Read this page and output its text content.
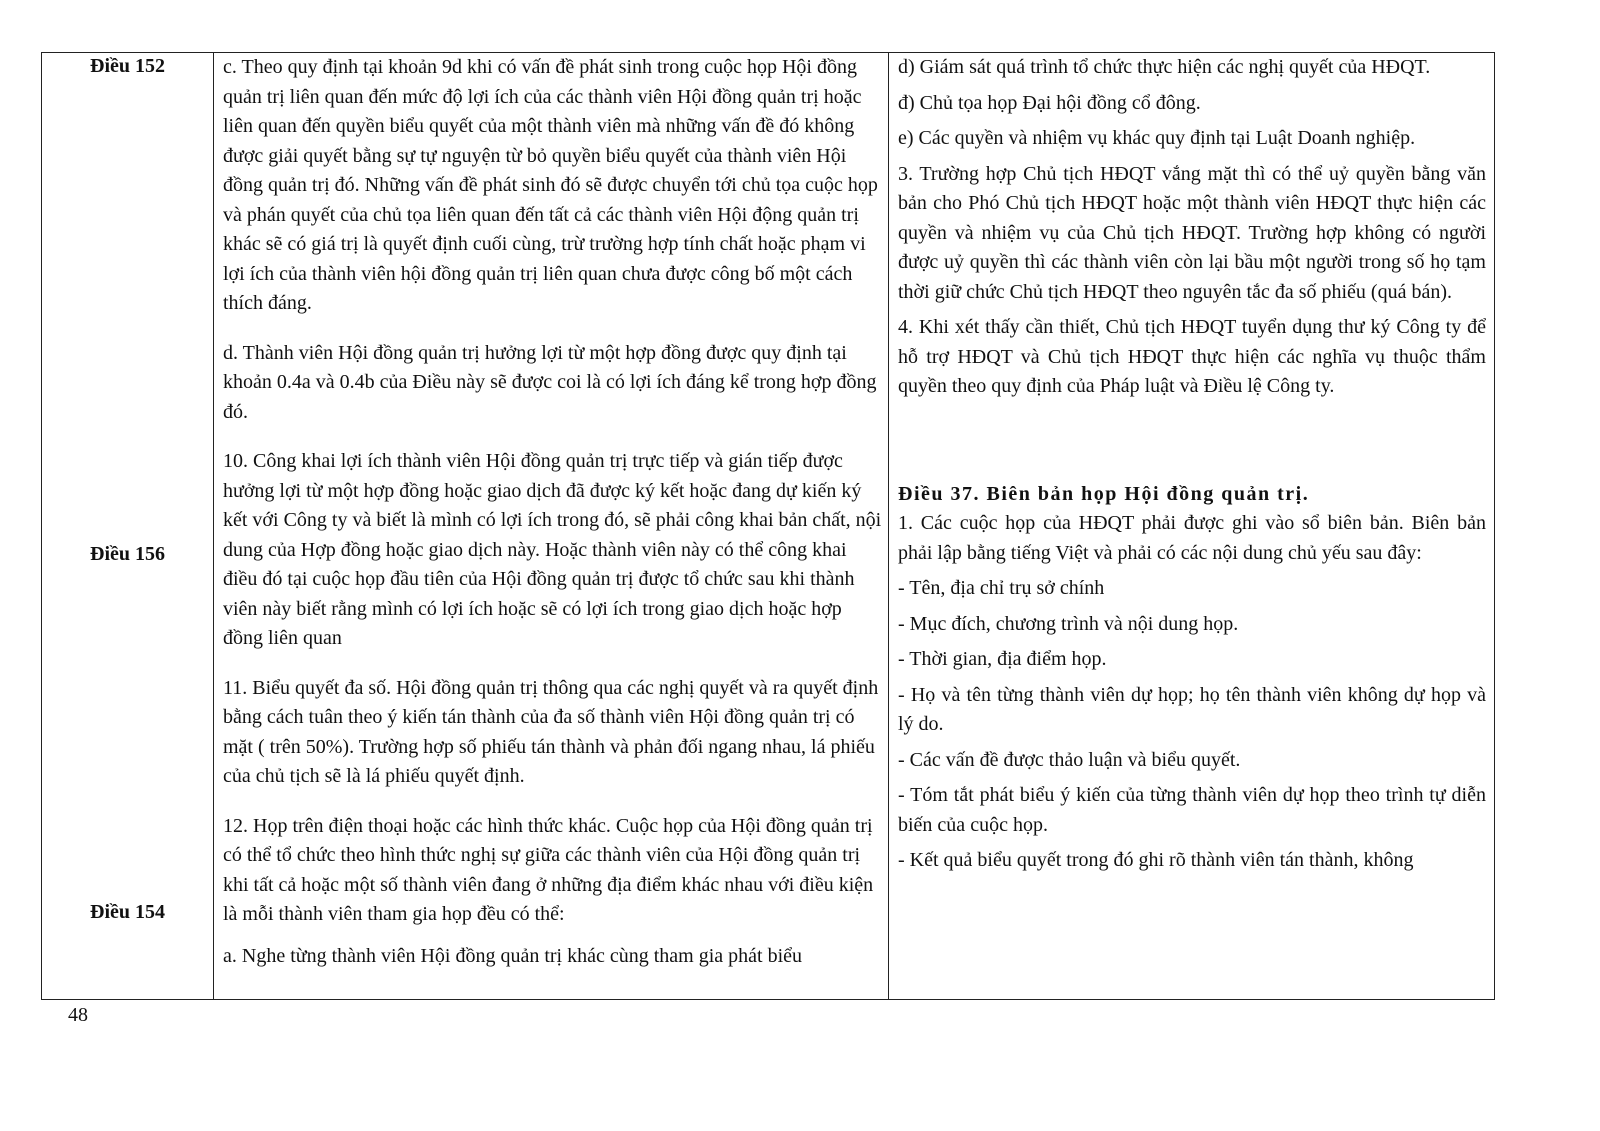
Điều 152
Điều 156
Điều 154

c. Theo quy định tại khoản 9d khi có vấn đề phát sinh trong cuộc họp Hội đồng quản trị liên quan đến mức độ lợi ích của các thành viên Hội đồng quản trị hoặc liên quan đến quyền biểu quyết của một thành viên mà những vấn đề đó không được giải quyết bằng sự tự nguyện từ bỏ quyền biểu quyết của thành viên Hội đồng quản trị đó. Những vấn đề phát sinh đó sẽ được chuyển tới chủ tọa cuộc họp và phán quyết của chủ tọa liên quan đến tất cả các thành viên Hội động quản trị khác sẽ có giá trị là quyết định cuối cùng, trừ trường hợp tính chất hoặc phạm vi lợi ích của thành viên hội đồng quản trị liên quan chưa được công bố một cách thích đáng.

d. Thành viên Hội đồng quản trị hưởng lợi từ một hợp đồng được quy định tại khoản 0.4a và 0.4b của Điều này sẽ được coi là có lợi ích đáng kể trong hợp đồng đó.

10. Công khai lợi ích thành viên Hội đồng quản trị trực tiếp và gián tiếp được hưởng lợi từ một hợp đồng hoặc giao dịch đã được ký kết hoặc đang dự kiến ký kết với Công ty và biết là mình có lợi ích trong đó, sẽ phải công khai bản chất, nội dung của Hợp đồng hoặc giao dịch này. Hoặc thành viên này có thể công khai điều đó tại cuộc họp đầu tiên của Hội đồng quản trị được tổ chức sau khi thành viên này biết rằng mình có lợi ích hoặc sẽ có lợi ích trong giao dịch hoặc hợp đồng liên quan

11. Biểu quyết đa số. Hội đồng quản trị thông qua các nghị quyết và ra quyết định bằng cách tuân theo ý kiến tán thành của đa số thành viên Hội đồng quản trị có mặt ( trên 50%). Trường hợp số phiếu tán thành và phản đối ngang nhau, lá phiếu của chủ tịch sẽ là lá phiếu quyết định.

12. Họp trên điện thoại hoặc các hình thức khác. Cuộc họp của Hội đồng quản trị có thể tổ chức theo hình thức nghị sự giữa các thành viên của Hội đồng quản trị khi tất cả hoặc một số thành viên đang ở những địa điểm khác nhau với điều kiện là mỗi thành viên tham gia họp đều có thể:

a. Nghe từng thành viên Hội đồng quản trị khác cùng tham gia phát biểu

d) Giám sát quá trình tổ chức thực hiện các nghị quyết của HĐQT.

đ) Chủ tọa họp Đại hội đồng cổ đông.

e) Các quyền và nhiệm vụ khác quy định tại Luật Doanh nghiệp.

3. Trường hợp Chủ tịch HĐQT vắng mặt thì có thể uỷ quyền bằng văn bản cho Phó Chủ tịch HĐQT hoặc một thành viên HĐQT thực hiện các quyền và nhiệm vụ của Chủ tịch HĐQT. Trường hợp không có người được uỷ quyền thì các thành viên còn lại bầu một người trong số họ tạm thời giữ chức Chủ tịch HĐQT theo nguyên tắc đa số phiếu (quá bán).

4. Khi xét thấy cần thiết, Chủ tịch HĐQT tuyển dụng thư ký Công ty để hỗ trợ HĐQT và Chủ tịch HĐQT thực hiện các nghĩa vụ thuộc thẩm quyền theo quy định của Pháp luật và Điều lệ Công ty.

Điều 37. Biên bản họp Hội đồng quản trị.

1. Các cuộc họp của HĐQT phải được ghi vào sổ biên bản. Biên bản phải lập bằng tiếng Việt và phải có các nội dung chủ yếu sau đây:

- Tên, địa chỉ trụ sở chính

- Mục đích, chương trình và nội dung họp.

- Thời gian, địa điểm họp.

- Họ và tên từng thành viên dự họp; họ tên thành viên không dự họp và lý do.

- Các vấn đề được thảo luận và biểu quyết.

- Tóm tắt phát biểu ý kiến của từng thành viên dự họp theo trình tự diễn biến của cuộc họp.

- Kết quả biểu quyết trong đó ghi rõ thành viên tán thành, không

48
